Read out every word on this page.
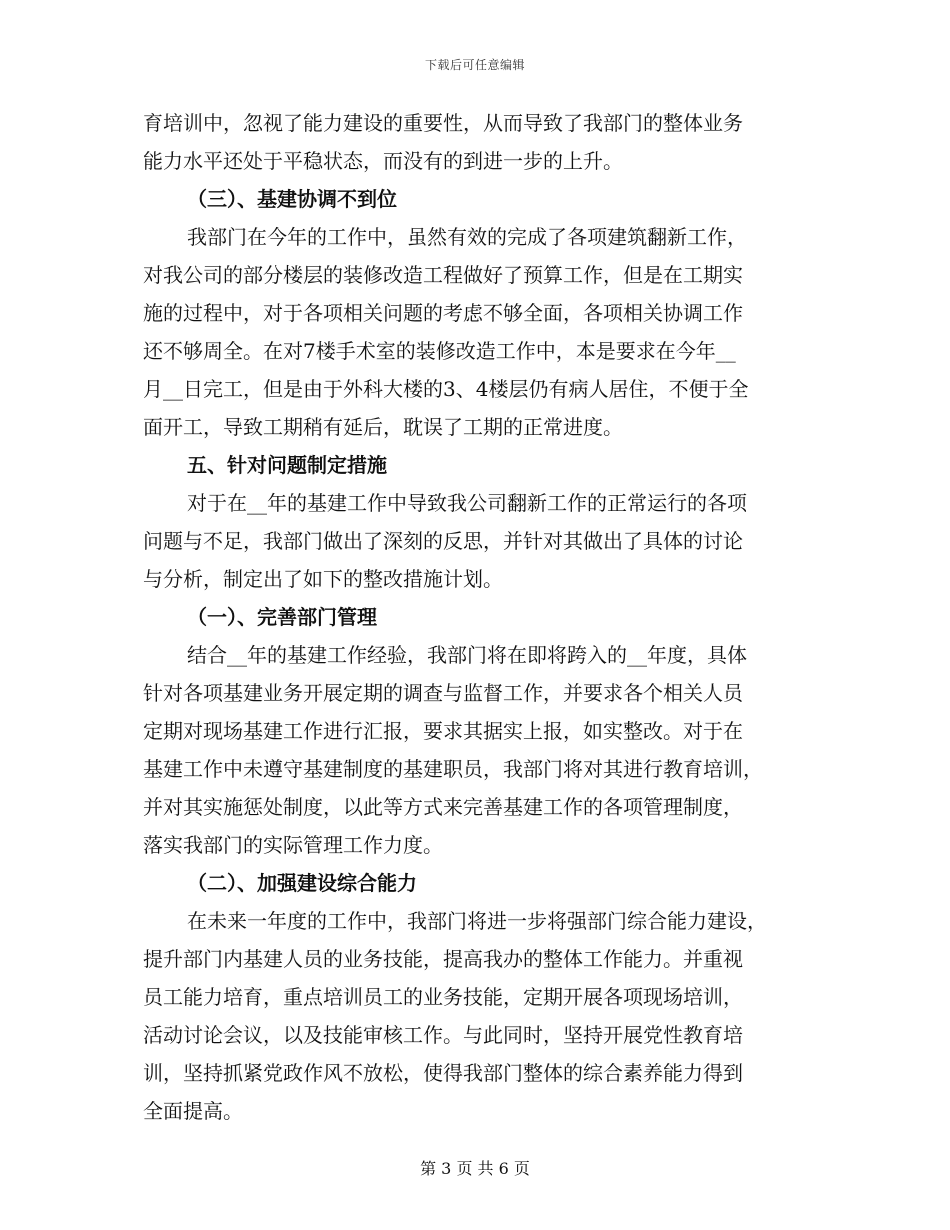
下载后可任意编辑
育培训中，忽视了能力建设的重要性，从而导致了我部门的整体业务
能力水平还处于平稳状态，而没有的到进一步的上升。
（三）、基建协调不到位
我部门在今年的工作中，虽然有效的完成了各项建筑翻新工作，
对我公司的部分楼层的装修改造工程做好了预算工作，但是在工期实
施的过程中，对于各项相关问题的考虑不够全面，各项相关协调工作
还不够周全。在对7楼手术室的装修改造工作中，本是要求在今年__
月__日完工，但是由于外科大楼的3、4楼层仍有病人居住，不便于全
面开工，导致工期稍有延后，耽误了工期的正常进度。
五、针对问题制定措施
对于在__年的基建工作中导致我公司翻新工作的正常运行的各项
问题与不足，我部门做出了深刻的反思，并针对其做出了具体的讨论
与分析，制定出了如下的整改措施计划。
（一）、完善部门管理
结合__年的基建工作经验，我部门将在即将跨入的__年度，具体
针对各项基建业务开展定期的调查与监督工作，并要求各个相关人员
定期对现场基建工作进行汇报，要求其据实上报，如实整改。对于在
基建工作中未遵守基建制度的基建职员，我部门将对其进行教育培训，
并对其实施惩处制度，以此等方式来完善基建工作的各项管理制度，
落实我部门的实际管理工作力度。
（二）、加强建设综合能力
在未来一年度的工作中，我部门将进一步将强部门综合能力建设，
提升部门内基建人员的业务技能，提高我办的整体工作能力。并重视
员工能力培育，重点培训员工的业务技能，定期开展各项现场培训，
活动讨论会议，以及技能审核工作。与此同时，坚持开展党性教育培
训，坚持抓紧党政作风不放松，使得我部门整体的综合素养能力得到
全面提高。
第 3 页 共 6 页
